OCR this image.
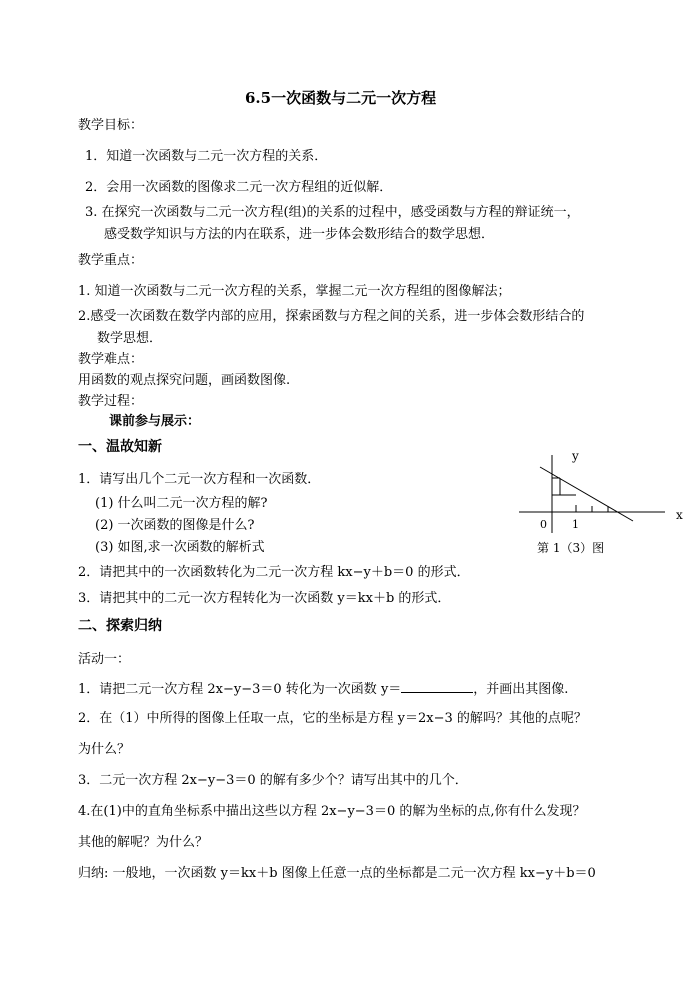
6.5一次函数与二元一次方程
教学目标：
1．知道一次函数与二元一次方程的关系．
2．会用一次函数的图像求二元一次方程组的近似解．
3. 在探究一次函数与二元一次方程(组)的关系的过程中，感受函数与方程的辩证统一，
感受数学知识与方法的内在联系，进一步体会数形结合的数学思想．
教学重点：
1. 知道一次函数与二元一次方程的关系，掌握二元一次方程组的图像解法；
2.感受一次函数在数学内部的应用，探索函数与方程之间的关系，进一步体会数形结合的
数学思想．
教学难点：
用函数的观点探究问题，画函数图像.
教学过程：
课前参与展示：
一、温故知新
1．请写出几个二元一次方程和一次函数．
(1) 什么叫二元一次方程的解?
(2) 一次函数的图像是什么?
(3) 如图,求一次函数的解析式
2．请把其中的一次函数转化为二元一次方程 kx−y＋b＝0 的形式．
3．请把其中的二元一次方程转化为一次函数 y＝kx＋b 的形式．
y
x
0 1
第 1（3）图
二、探索归纳
活动一：
1．请把二元一次方程 2x−y−3＝0 转化为一次函数 y＝	，并画出其图像.
2．在（1）中所得的图像上任取一点，它的坐标是方程 y＝2x−3 的解吗？其他的点呢？
为什么？
3．二元一次方程 2x−y−3＝0 的解有多少个？请写出其中的几个．
4.在(1)中的直角坐标系中描出这些以方程 2x−y−3＝0 的解为坐标的点,你有什么发现？
其他的解呢？为什么？
归纳: 一般地，一次函数 y＝kx＋b 图像上任意一点的坐标都是二元一次方程 kx−y＋b＝0
